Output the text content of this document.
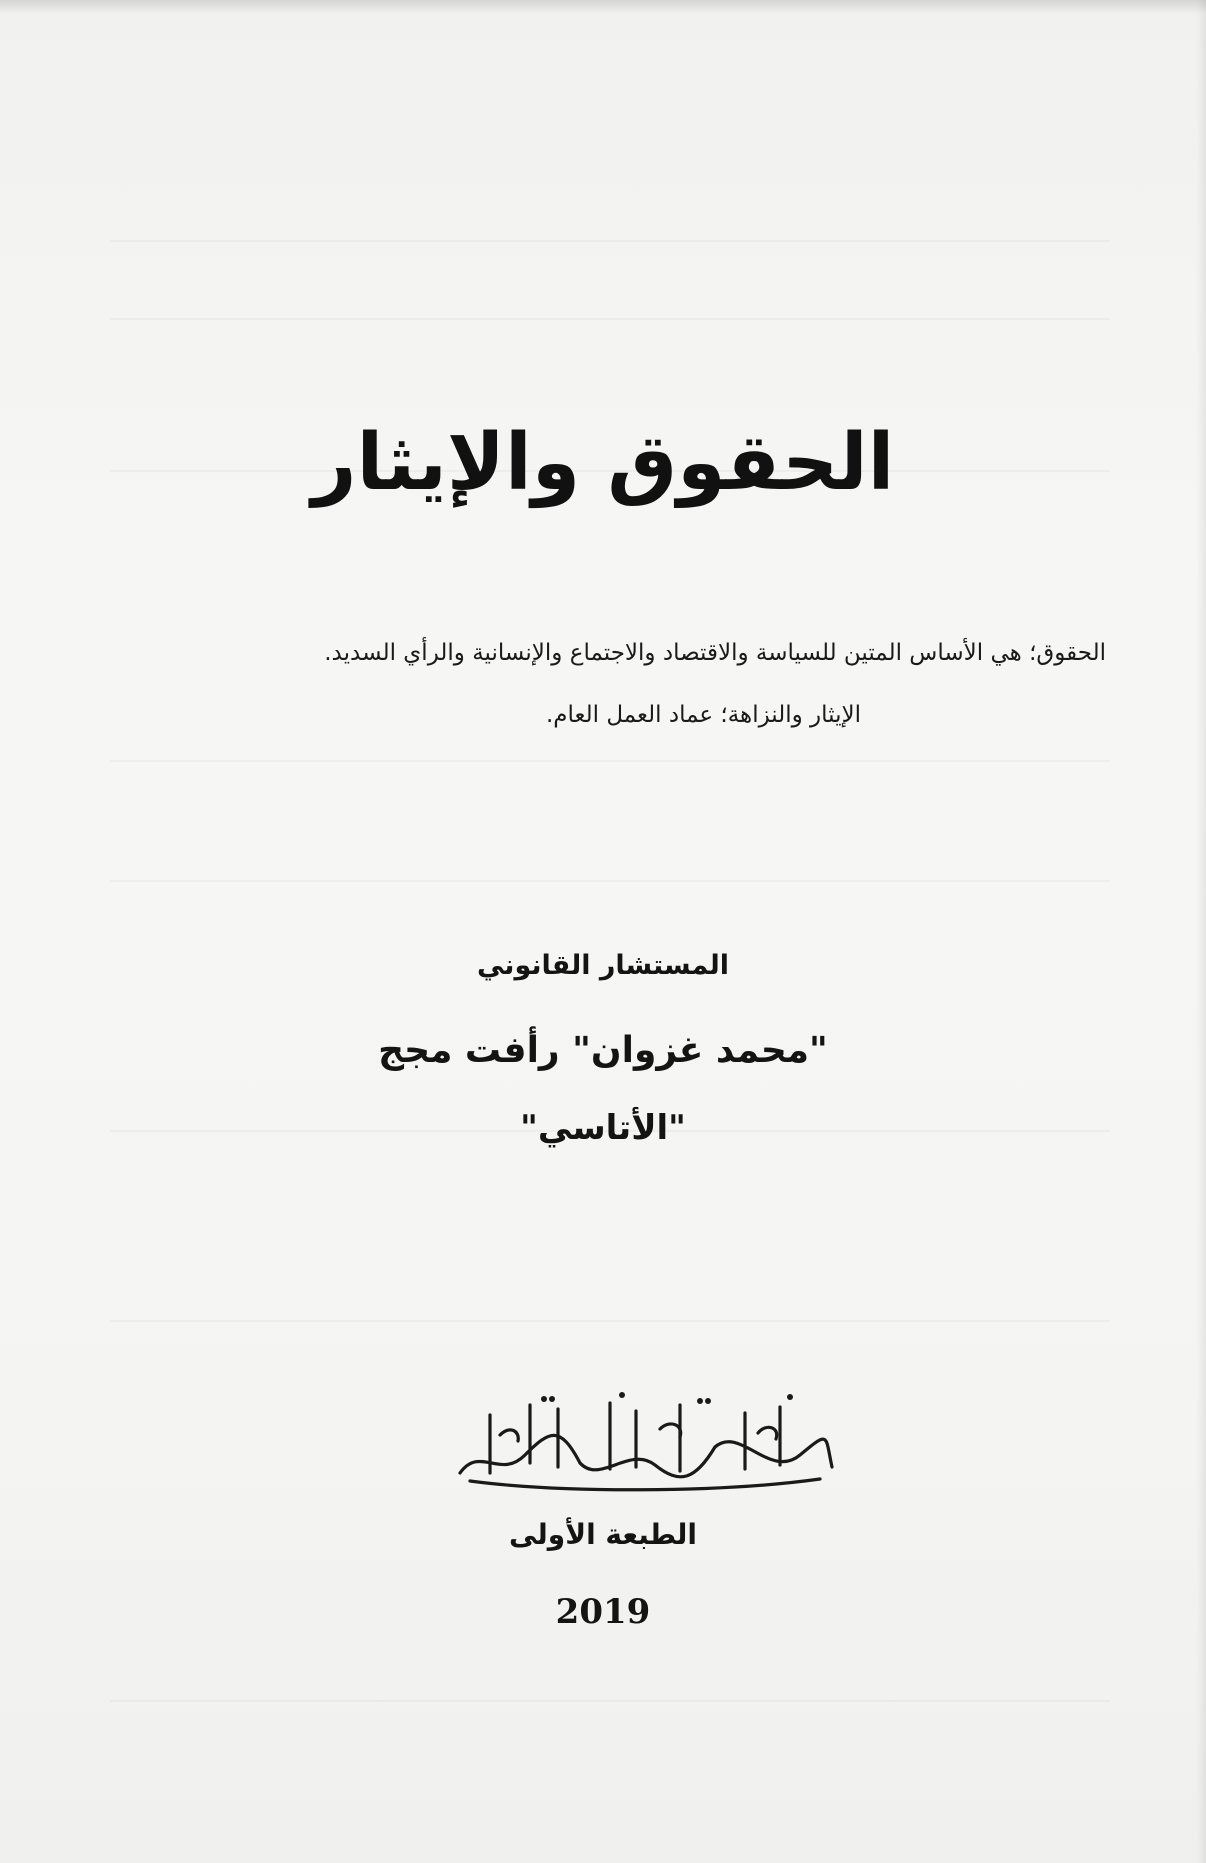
الحقوق والإيثار
الحقوق؛ هي الأساس المتين للسياسة والاقتصاد والاجتماع والإنسانية والرأي السديد.
الإيثار والنزاهة؛ عماد العمل العام.
المستشار القانوني
"محمد غزوان" رأفت مجج
"الأتاسي"
الطبعة الأولى
2019
